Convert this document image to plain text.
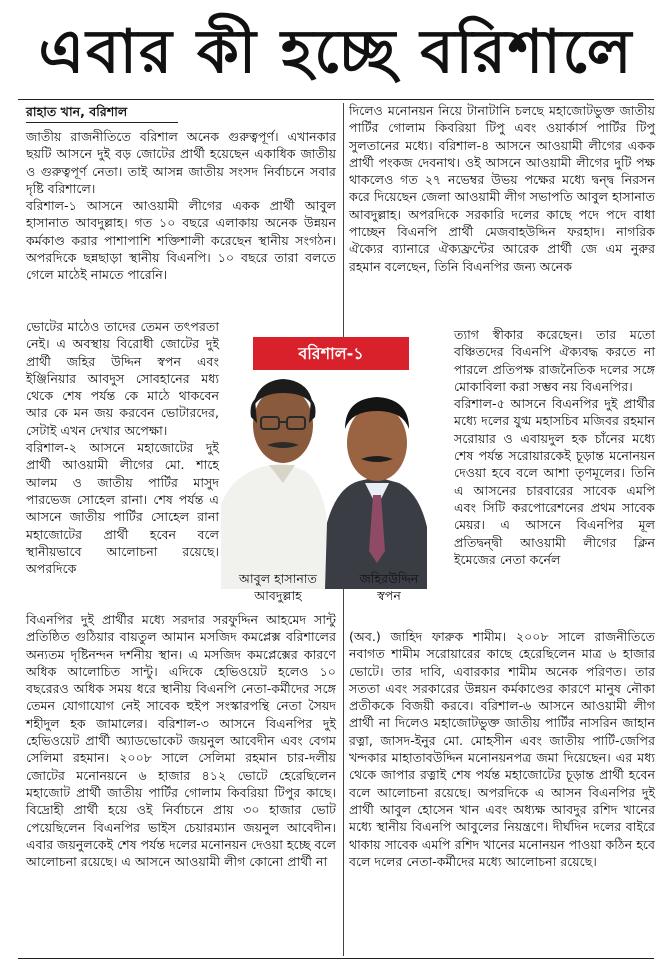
এবার কী হচ্ছে বরিশালে
রাহাত খান, বরিশাল

জাতীয় রাজনীতিতে বরিশাল অনেক গুরুত্বপূর্ণ। এখানকার ছয়টি আসনে দুই বড় জোটের প্রার্থী হয়েছেন একাধিক জাতীয় ও গুরুত্বপূর্ণ নেতা। তাই আসন্ন জাতীয় সংসদ নির্বাচনে সবার দৃষ্টি বরিশালে।

বরিশাল-১ আসনে আওয়ামী লীগের একক প্রার্থী আবুল হাসানাত আবদুল্লাহ। গত ১০ বছরে এলাকায় অনেক উন্নয়ন কর্মকাণ্ড করার পাশাপাশি শক্তিশালী করেছেন স্থানীয় সংগঠন। অপরদিকে ছন্নছাড়া স্থানীয় বিএনপি। ১০ বছরে তারা বলতে গেলে মাঠেই নামতে পারেনি।

ভোটের মাঠেও তাদের তেমন তৎপরতা নেই। এ অবস্থায় বিরোধী জোটের দুই প্রার্থী জহির উদ্দিন স্বপন এবং ইঞ্জিনিয়ার আবদুস সোবহানের মধ্য থেকে শেষ পর্যন্ত কে মাঠে থাকবেন আর কে মন জয় করবেন ভোটারদের, সেটাই এখন দেখার অপেক্ষা।

বরিশাল-২ আসনে মহাজোটের দুই প্রার্থী আওয়ামী লীগের মো. শাহে আলম ও জাতীয় পার্টির মাসুদ পারভেজ সোহেল রানা। শেষ পর্যন্ত এ আসনে জাতীয় পার্টির সোহেল রানা মহাজোটের প্রার্থী হবেন বলে স্থানীয়ভাবে আলোচনা রয়েছে। অপরদিকে

বিএনপির দুই প্রার্থীর মধ্যে সরদার সরফুদ্দিন আহমেদ সান্টু প্রতিষ্ঠিত গুঠিয়ার বায়তুল আমান মসজিদ কমপ্লেক্স বরিশালের অন্যতম দৃষ্টিনন্দন দর্শনীয় স্থান। এ মসজিদ কমপ্লেক্সের কারণে অধিক আলোচিত সান্টু। এদিকে হেভিওয়েট হলেও ১০ বছরেরও অধিক সময় ধরে স্থানীয় বিএনপি নেতা-কর্মীদের সঙ্গে তেমন যোগাযোগ নেই সাবেক হুইপ সংস্কারপন্থি নেতা সৈয়দ শহীদুল হক জামালের। বরিশাল-৩ আসনে বিএনপির দুই হেভিওয়েট প্রার্থী অ্যাডভোকেট জয়নুল আবেদীন এবং বেগম সেলিমা রহমান। ২০০৮ সালে সেলিমা রহমান চার-দলীয় জোটের মনোনয়নে ৬ হাজার ৪১২ ভোটে হেরেছিলেন মহাজোট প্রার্থী জাতীয় পার্টির গোলাম কিবরিয়া টিপুর কাছে। বিদ্রোহী প্রার্থী হয়ে ওই নির্বাচনে প্রায় ৩০ হাজার ভোট পেয়েছিলেন বিএনপির ভাইস চেয়ারম্যান জয়নুল আবেদীন। এবার জয়নুলকেই শেষ পর্যন্ত দলের মনোনয়ন দেওয়া হচ্ছে বলে আলোচনা রয়েছে। এ আসনে আওয়ামী লীগ কোনো প্রার্থী না

দিলেও মনোনয়ন নিয়ে টানাটানি চলছে মহাজোটভুক্ত জাতীয় পার্টির গোলাম কিবরিয়া টিপু এবং ওয়ার্কার্স পার্টির টিপু সুলতানের মধ্যে। বরিশাল-৪ আসনে আওয়ামী লীগের একক প্রার্থী পংকজ দেবনাথ। ওই আসনে আওয়ামী লীগের দুটি পক্ষ থাকলেও গত ২৭ নভেম্বর উভয় পক্ষের মধ্যে দ্বন্দ্ব নিরসন করে দিয়েছেন জেলা আওয়ামী লীগ সভাপতি আবুল হাসানাত আবদুল্লাহ। অপরদিকে সরকারি দলের কাছে পদে পদে বাধা পাচ্ছেন বিএনপি প্রার্থী মেজবাহউদ্দিন ফরহাদ। নাগরিক ঐক্যের ব্যানারে ঐক্যফ্রন্টের আরেক প্রার্থী জে এম নুরুর রহমান বলেছেন, তিনি বিএনপির জন্য অনেক

ত্যাগ স্বীকার করেছেন। তার মতো বঞ্চিতদের বিএনপি ঐক্যবদ্ধ করতে না পারলে প্রতিপক্ষ রাজনৈতিক দলের সঙ্গে মোকাবিলা করা সম্ভব নয় বিএনপির।

বরিশাল-৫ আসনে বিএনপির দুই প্রার্থীর মধ্যে দলের যুগ্ম মহাসচিব মজিবর রহমান সরোয়ার ও এবায়দুল হক চাঁনের মধ্যে শেষ পর্যন্ত সরোয়ারকেই চূড়ান্ত মনোনয়ন দেওয়া হবে বলে আশা তৃণমূলের। তিনি এ আসনের চারবারের সাবেক এমপি এবং সিটি করপোরেশনের প্রথম সাবেক মেয়র। এ আসনে বিএনপির মূল প্রতিদ্বন্দ্বী আওয়ামী লীগের ক্লিন ইমেজের নেতা কর্নেল

(অব.) জাহিদ ফারুক শামীম। ২০০৮ সালে রাজনীতিতে নবাগত শামীম সরোয়ারের কাছে হেরেছিলেন মাত্র ৬ হাজার ভোটে। তার দাবি, এবারকার শামীম অনেক পরিণত। তার সততা এবং সরকারের উন্নয়ন কর্মকাণ্ডের কারণে মানুষ নৌকা প্রতীককে বিজয়ী করবে। বরিশাল-৬ আসনে আওয়ামী লীগ প্রার্থী না দিলেও মহাজোটভুক্ত জাতীয় পার্টির নাসরিন জাহান রত্না, জাসদ-ইনুর মো. মোহসীন এবং জাতীয় পার্টি-জেপির খন্দকার মাহাতাবউদ্দিন মনোনয়নপত্র জমা দিয়েছেন। এর মধ্য থেকে জাপার রত্নাই শেষ পর্যন্ত মহাজোটের চূড়ান্ত প্রার্থী হবেন বলে আলোচনা রয়েছে। অপরদিকে এ আসন বিএনপির দুই প্রার্থী আবুল হোসেন খান এবং অধ্যক্ষ আবদুর রশিদ খানের মধ্যে স্থানীয় বিএনপি আবুলের নিয়ন্ত্রণে। দীর্ঘদিন দলের বাইরে থাকায় সাবেক এমপি রশিদ খানের মনোনয়ন পাওয়া কঠিন হবে বলে দলের নেতা-কর্মীদের মধ্যে আলোচনা রয়েছে।

বরিশাল-১
আবুল হাসানাত
আবদুল্লাহ
জহিরউদ্দিন
স্বপন
